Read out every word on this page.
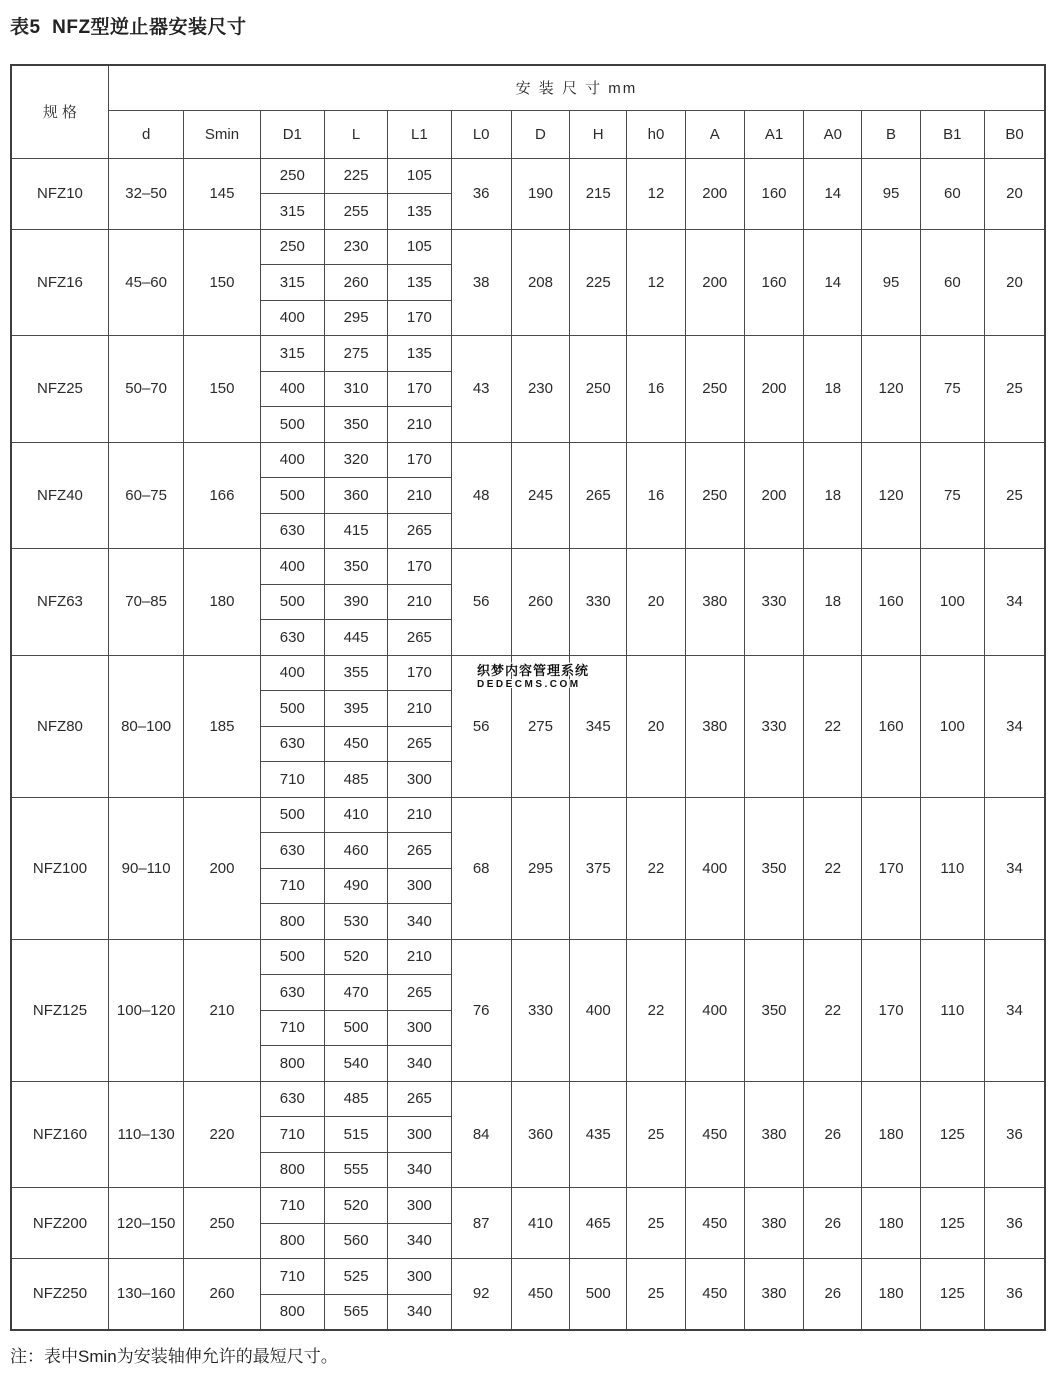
表5  NFZ型逆止器安装尺寸
规 格	安 装 尺 寸 mm														
	d	Smin	D1	L	L1	L0	D	H	h0	A	A1	A0	B	B1	B0
NFZ10	32–50	145	250	225	105	36	190	215	12	200	160	14	95	60	20
			315	255	135										
NFZ16	45–60	150	250	230	105	38	208	225	12	200	160	14	95	60	20
			315	260	135										
			400	295	170										
NFZ25	50–70	150	315	275	135	43	230	250	16	250	200	18	120	75	25
			400	310	170										
			500	350	210										
NFZ40	60–75	166	400	320	170	48	245	265	16	250	200	18	120	75	25
			500	360	210										
			630	415	265										
NFZ63	70–85	180	400	350	170	56	260	330	20	380	330	18	160	100	34
			500	390	210										
			630	445	265										
NFZ80	80–100	185	400	355	170	56	275	345	20	380	330	22	160	100	34
			500	395	210										
			630	450	265										
			710	485	300										
NFZ100	90–110	200	500	410	210	68	295	375	22	400	350	22	170	110	34
			630	460	265										
			710	490	300										
			800	530	340										
NFZ125	100–120	210	500	520	210	76	330	400	22	400	350	22	170	110	34
			630	470	265										
			710	500	300										
			800	540	340										
NFZ160	110–130	220	630	485	265	84	360	435	25	450	380	26	180	125	36
			710	515	300										
			800	555	340										
NFZ200	120–150	250	710	520	300	87	410	465	25	450	380	26	180	125	36
			800	560	340										
NFZ250	130–160	260	710	525	300	92	450	500	25	450	380	26	180	125	36
			800	565	340										
注：表中Smin为安装轴伸允许的最短尺寸。
织梦内容管理系统
DEDECMS.COM
